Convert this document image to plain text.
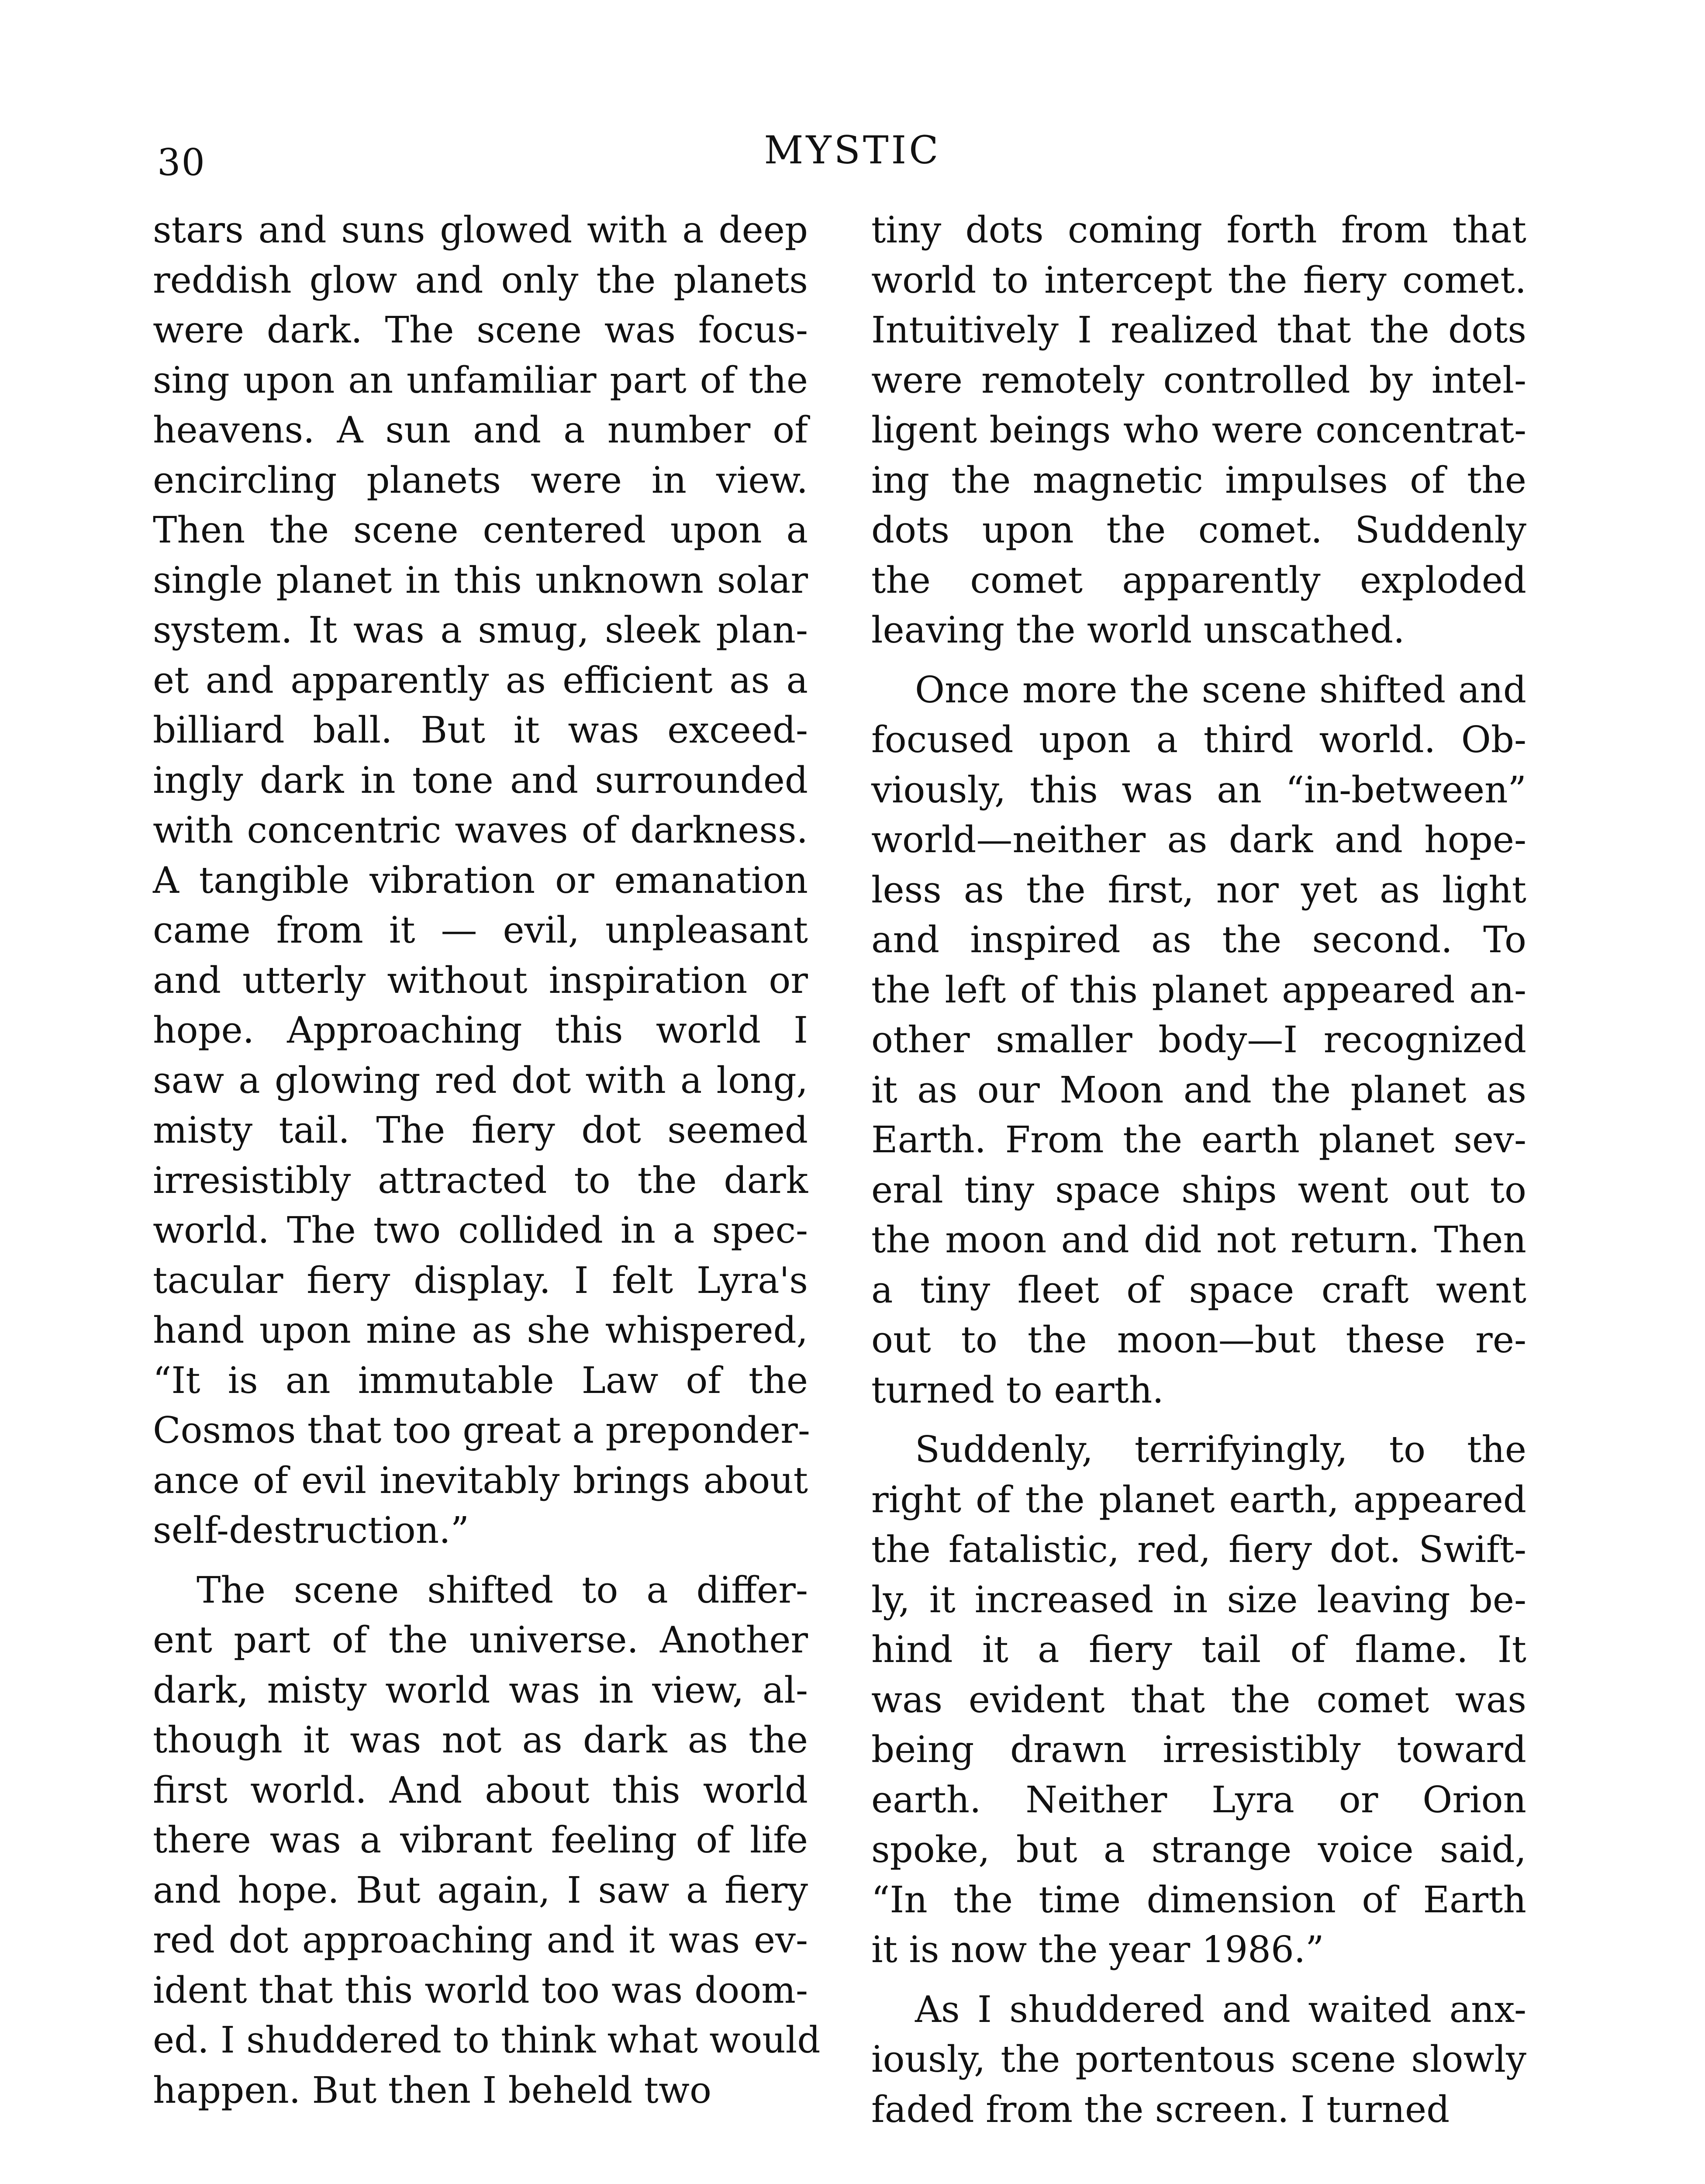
30	MYSTIC
stars and suns glowed with a deep
reddish glow and only the planets
were dark. The scene was focus-
sing upon an unfamiliar part of the
heavens. A sun and a number of
encircling planets were in view.
Then the scene centered upon a
single planet in this unknown solar
system. It was a smug, sleek plan-
et and apparently as efficient as a
billiard ball. But it was exceed-
ingly dark in tone and surrounded
with concentric waves of darkness.
A tangible vibration or emanation
came from it — evil, unpleasant
and utterly without inspiration or
hope. Approaching this world I
saw a glowing red dot with a long,
misty tail. The fiery dot seemed
irresistibly attracted to the dark
world. The two collided in a spec-
tacular fiery display. I felt Lyra's
hand upon mine as she whispered,
“It is an immutable Law of the
Cosmos that too great a preponder-
ance of evil inevitably brings about
self-destruction.”
The scene shifted to a differ-
ent part of the universe. Another
dark, misty world was in view, al-
though it was not as dark as the
first world. And about this world
there was a vibrant feeling of life
and hope. But again, I saw a fiery
red dot approaching and it was ev-
ident that this world too was doom-
ed. I shuddered to think what would
happen. But then I beheld two
tiny dots coming forth from that
world to intercept the fiery comet.
Intuitively I realized that the dots
were remotely controlled by intel-
ligent beings who were concentrat-
ing the magnetic impulses of the
dots upon the comet. Suddenly
the comet apparently exploded
leaving the world unscathed.
Once more the scene shifted and
focused upon a third world. Ob-
viously, this was an “in-between”
world—neither as dark and hope-
less as the first, nor yet as light
and inspired as the second. To
the left of this planet appeared an-
other smaller body—I recognized
it as our Moon and the planet as
Earth. From the earth planet sev-
eral tiny space ships went out to
the moon and did not return. Then
a tiny fleet of space craft went
out to the moon—but these re-
turned to earth.
Suddenly, terrifyingly, to the
right of the planet earth, appeared
the fatalistic, red, fiery dot. Swift-
ly, it increased in size leaving be-
hind it a fiery tail of flame. It
was evident that the comet was
being drawn irresistibly toward
earth. Neither Lyra or Orion
spoke, but a strange voice said,
“In the time dimension of Earth
it is now the year 1986.”
As I shuddered and waited anx-
iously, the portentous scene slowly
faded from the screen. I turned
